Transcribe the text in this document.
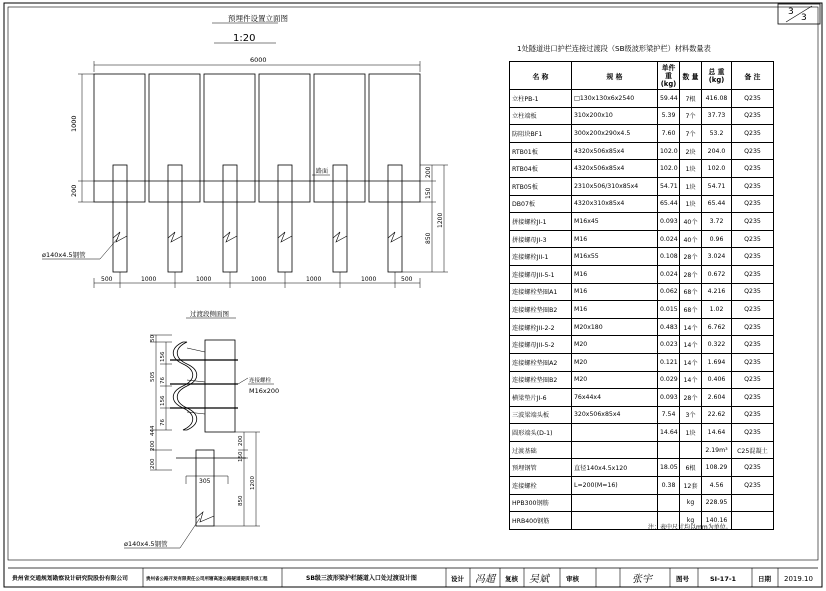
3
3
预埋件设置立面图
1:20
6000
路面
1000
200
200
150
1200
850
ø140x4.5钢管
500	1000	1000	1000	1000	1000	500
过渡段侧面图
连接螺栓
M16x200
305
50
156
76
505
156
76
444
200
200
200
150
1200
850
ø140x4.5钢管
贵州省交通规划勘察设计研究院股份有限公司	贵州省公路开发有限责任公司所辖高速公路隧道提质升级工程	SB级三波形梁护栏隧道入口处过渡设计图	设计 冯超	复核 吴斌	审核	张宇	图号	SI-17-1	日期 2019.10
1处隧道进口护栏连接过渡段（SB级波形梁护栏）材料数量表
名 称	规 格	单件重(kg)	数 量	总 重(kg)	备 注
立柱PB-1	□130x130x6x2540	59.44	7根	416.08	Q235
立柱端板	310x200x10	5.39	7个	37.73	Q235
防阻块BF1	300x200x290x4.5	7.60	7个	53.2	Q235
RTB01板	4320x506x85x4	102.0	2块	204.0	Q235
RTB04板	4320x506x85x4	102.0	1块	102.0	Q235
RTB05板	2310x506/310x85x4	54.71	1块	54.71	Q235
DB07板	4320x310x85x4	65.44	1块	65.44	Q235
拼接螺栓JI-1	M16x45	0.093	40个	3.72	Q235
拼接螺母JI-3	M16	0.024	40个	0.96	Q235
连接螺栓JII-1	M16x55	0.108	28个	3.024	Q235
连接螺母JII-5-1	M16	0.024	28个	0.672	Q235
连接螺栓垫圈A1	M16	0.062	68个	4.216	Q235
连接螺栓垫圈B2	M16	0.015	68个	1.02	Q235
连接螺栓JII-2-2	M20x180	0.483	14个	6.762	Q235
连接螺母JII-5-2	M20	0.023	14个	0.322	Q235
连接螺栓垫圈A2	M20	0.121	14个	1.694	Q235
连接螺栓垫圈B2	M20	0.029	14个	0.406	Q235
横梁垫片JI-6	76x44x4	0.093	28个	2.604	Q235
三波梁端头板	320x506x85x4	7.54	3个	22.62	Q235
圆形端头(D-1)		14.64	1块	14.64	Q235
过渡基础				2.19m³	C25混凝土
预埋钢管	直径140x4.5x120	18.05	6根	108.29	Q235
连接螺栓	L=200(M=16)	0.38	12套	4.56	Q235
HPB300钢筋			kg	228.95	
HRB400钢筋			kg	140.16	
注：表中尺寸均以mm为单位。
